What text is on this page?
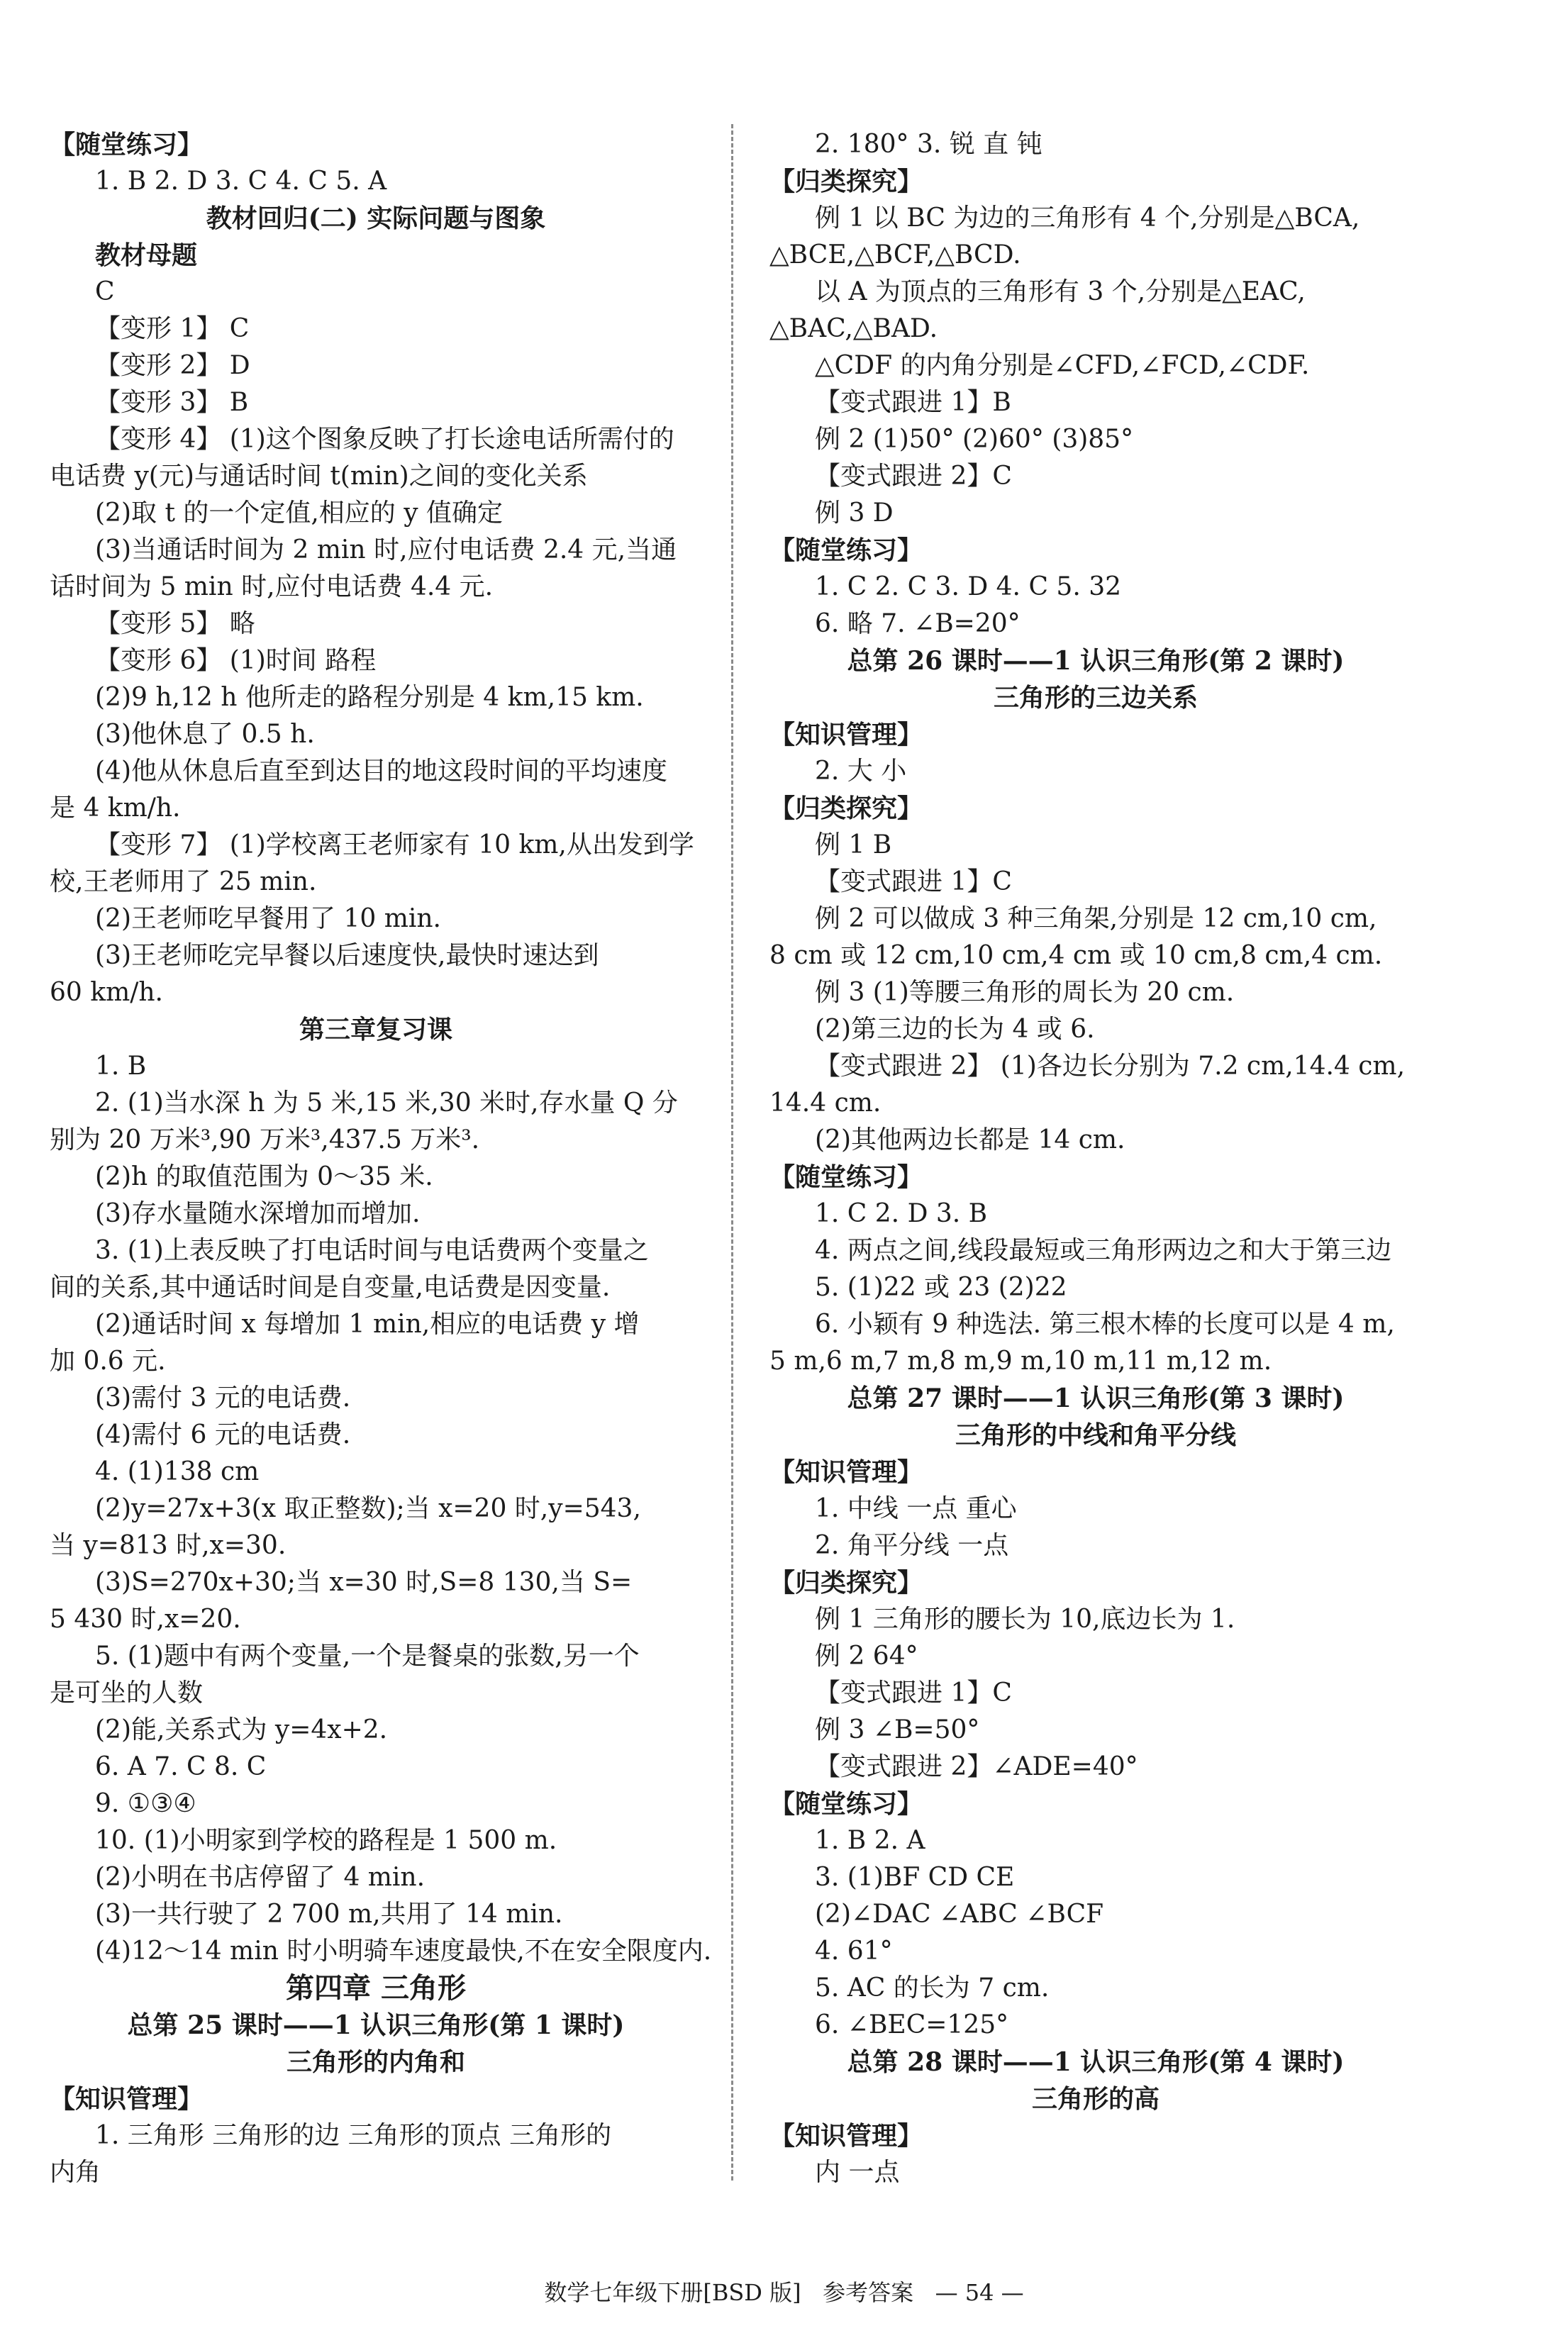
【随堂练习】
1. B 2. D 3. C 4. C 5. A
教材回归(二) 实际问题与图象
教材母题
C
【变形 1】 C
【变形 2】 D
【变形 3】 B
【变形 4】 (1)这个图象反映了打长途电话所需付的
电话费 y(元)与通话时间 t(min)之间的变化关系
(2)取 t 的一个定值,相应的 y 值确定
(3)当通话时间为 2 min 时,应付电话费 2.4 元,当通
话时间为 5 min 时,应付电话费 4.4 元.
【变形 5】 略
【变形 6】 (1)时间 路程
(2)9 h,12 h 他所走的路程分别是 4 km,15 km.
(3)他休息了 0.5 h.
(4)他从休息后直至到达目的地这段时间的平均速度
是 4 km/h.
【变形 7】 (1)学校离王老师家有 10 km,从出发到学
校,王老师用了 25 min.
(2)王老师吃早餐用了 10 min.
(3)王老师吃完早餐以后速度快,最快时速达到
60 km/h.
第三章复习课
1. B
2. (1)当水深 h 为 5 米,15 米,30 米时,存水量 Q 分
别为 20 万米³,90 万米³,437.5 万米³.
(2)h 的取值范围为 0～35 米.
(3)存水量随水深增加而增加.
3. (1)上表反映了打电话时间与电话费两个变量之
间的关系,其中通话时间是自变量,电话费是因变量.
(2)通话时间 x 每增加 1 min,相应的电话费 y 增
加 0.6 元.
(3)需付 3 元的电话费.
(4)需付 6 元的电话费.
4. (1)138 cm
(2)y=27x+3(x 取正整数);当 x=20 时,y=543,
当 y=813 时,x=30.
(3)S=270x+30;当 x=30 时,S=8 130,当 S=
5 430 时,x=20.
5. (1)题中有两个变量,一个是餐桌的张数,另一个
是可坐的人数
(2)能,关系式为 y=4x+2.
6. A 7. C 8. C
9. ①③④
10. (1)小明家到学校的路程是 1 500 m.
(2)小明在书店停留了 4 min.
(3)一共行驶了 2 700 m,共用了 14 min.
(4)12～14 min 时小明骑车速度最快,不在安全限度内.
第四章 三角形
总第 25 课时——1 认识三角形(第 1 课时)
三角形的内角和
【知识管理】
1. 三角形 三角形的边 三角形的顶点 三角形的
内角
2. 180° 3. 锐 直 钝
【归类探究】
例 1 以 BC 为边的三角形有 4 个,分别是△BCA,
△BCE,△BCF,△BCD.
以 A 为顶点的三角形有 3 个,分别是△EAC,
△BAC,△BAD.
△CDF 的内角分别是∠CFD,∠FCD,∠CDF.
【变式跟进 1】B
例 2 (1)50° (2)60° (3)85°
【变式跟进 2】C
例 3 D
【随堂练习】
1. C 2. C 3. D 4. C 5. 32
6. 略 7. ∠B=20°
总第 26 课时——1 认识三角形(第 2 课时)
三角形的三边关系
【知识管理】
2. 大 小
【归类探究】
例 1 B
【变式跟进 1】C
例 2 可以做成 3 种三角架,分别是 12 cm,10 cm,
8 cm 或 12 cm,10 cm,4 cm 或 10 cm,8 cm,4 cm.
例 3 (1)等腰三角形的周长为 20 cm.
(2)第三边的长为 4 或 6.
【变式跟进 2】 (1)各边长分别为 7.2 cm,14.4 cm,
14.4 cm.
(2)其他两边长都是 14 cm.
【随堂练习】
1. C 2. D 3. B
4. 两点之间,线段最短或三角形两边之和大于第三边
5. (1)22 或 23 (2)22
6. 小颖有 9 种选法. 第三根木棒的长度可以是 4 m,
5 m,6 m,7 m,8 m,9 m,10 m,11 m,12 m.
总第 27 课时——1 认识三角形(第 3 课时)
三角形的中线和角平分线
【知识管理】
1. 中线 一点 重心
2. 角平分线 一点
【归类探究】
例 1 三角形的腰长为 10,底边长为 1.
例 2 64°
【变式跟进 1】C
例 3 ∠B=50°
【变式跟进 2】∠ADE=40°
【随堂练习】
1. B 2. A
3. (1)BF CD CE
(2)∠DAC ∠ABC ∠BCF
4. 61°
5. AC 的长为 7 cm.
6. ∠BEC=125°
总第 28 课时——1 认识三角形(第 4 课时)
三角形的高
【知识管理】
内 一点
数学七年级下册[BSD 版]   参考答案   — 54 —
